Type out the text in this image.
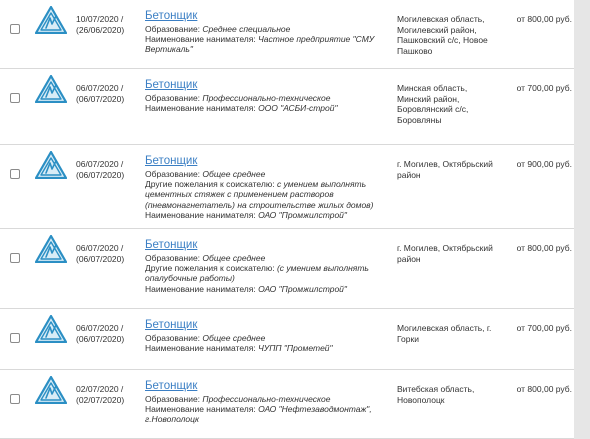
10/07/2020 /
(26/06/2020)
Бетонщик
Образование: Среднее специальное
Наименование нанимателя: Частное предприятие "СМУ
Вертикаль"
Могилевская область,
Могилевский район,
Пашковский с/с, Новое
Пашково
от 800,00 руб.
06/07/2020 /
(06/07/2020)
Бетонщик
Образование: Профессионально-техническое
Наименование нанимателя: ООО "АСБИ-строй"
Минская область,
Минский район,
Боровлянский с/с,
Боровляны
от 700,00 руб.
06/07/2020 /
(06/07/2020)
Бетонщик
Образование: Общее среднее
Другие пожелания к соискателю: с умением выполнять
цементных стяжек с применением растворов
(пневмонагнетатель) на строительстве жилых домов)
Наименование нанимателя: ОАО "Промжилстрой"
г. Могилев, Октябрьский
район
от 900,00 руб.
06/07/2020 /
(06/07/2020)
Бетонщик
Образование: Общее среднее
Другие пожелания к соискателю: (с умением выполнять
опалубочные работы)
Наименование нанимателя: ОАО "Промжилстрой"
г. Могилев, Октябрьский
район
от 800,00 руб.
06/07/2020 /
(06/07/2020)
Бетонщик
Образование: Общее среднее
Наименование нанимателя: ЧУПП "Прометей"
Могилевская область, г.
Горки
от 700,00 руб.
02/07/2020 /
(02/07/2020)
Бетонщик
Образование: Профессионально-техническое
Наименование нанимателя: ОАО "Нефтезаводмонтаж",
г.Новополоцк
Витебская область,
Новополоцк
от 800,00 руб.
